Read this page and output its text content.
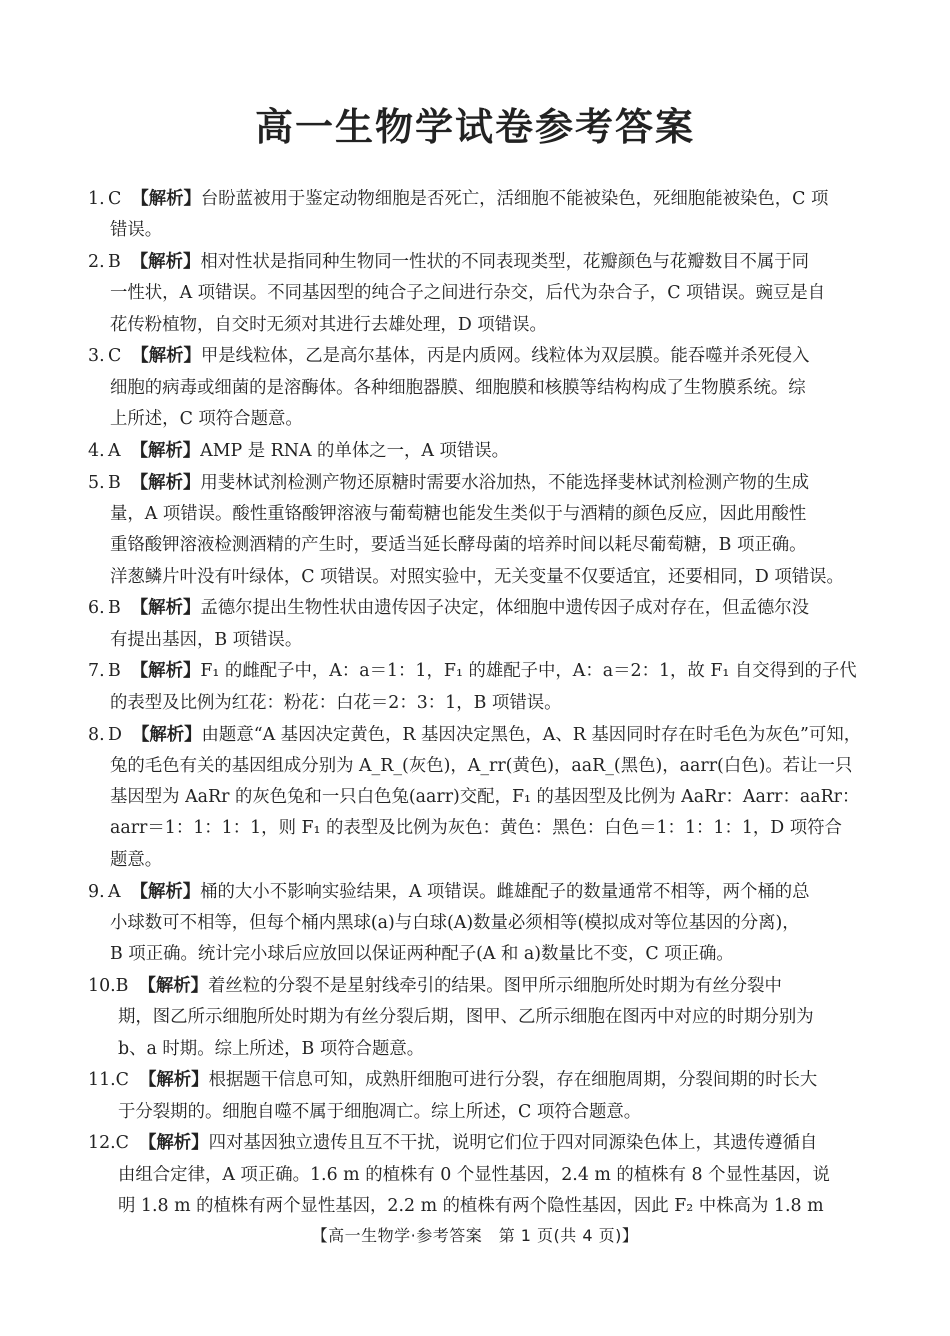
高一生物学试卷参考答案
1. C 【解析】台盼蓝被用于鉴定动物细胞是否死亡，活细胞不能被染色，死细胞能被染色，C 项
错误。
2. B 【解析】相对性状是指同种生物同一性状的不同表现类型，花瓣颜色与花瓣数目不属于同
一性状，A 项错误。不同基因型的纯合子之间进行杂交，后代为杂合子，C 项错误。豌豆是自
花传粉植物，自交时无须对其进行去雄处理，D 项错误。
3. C 【解析】甲是线粒体，乙是高尔基体，丙是内质网。线粒体为双层膜。能吞噬并杀死侵入
细胞的病毒或细菌的是溶酶体。各种细胞器膜、细胞膜和核膜等结构构成了生物膜系统。综
上所述，C 项符合题意。
4. A 【解析】AMP 是 RNA 的单体之一，A 项错误。
5. B 【解析】用斐林试剂检测产物还原糖时需要水浴加热，不能选择斐林试剂检测产物的生成
量，A 项错误。酸性重铬酸钾溶液与葡萄糖也能发生类似于与酒精的颜色反应，因此用酸性
重铬酸钾溶液检测酒精的产生时，要适当延长酵母菌的培养时间以耗尽葡萄糖，B 项正确。
洋葱鳞片叶没有叶绿体，C 项错误。对照实验中，无关变量不仅要适宜，还要相同，D 项错误。
6. B 【解析】孟德尔提出生物性状由遗传因子决定，体细胞中遗传因子成对存在，但孟德尔没
有提出基因，B 项错误。
7. B 【解析】F₁ 的雌配子中，A：a＝1：1，F₁ 的雄配子中，A：a＝2：1，故 F₁ 自交得到的子代
的表型及比例为红花：粉花：白花＝2：3：1，B 项错误。
8. D 【解析】由题意“A 基因决定黄色，R 基因决定黑色，A、R 基因同时存在时毛色为灰色”可知，
兔的毛色有关的基因组成分别为 A_R_(灰色)，A_rr(黄色)，aaR_(黑色)，aarr(白色)。若让一只
基因型为 AaRr 的灰色兔和一只白色兔(aarr)交配，F₁ 的基因型及比例为 AaRr：Aarr：aaRr：
aarr＝1：1：1：1，则 F₁ 的表型及比例为灰色：黄色：黑色：白色＝1：1：1：1，D 项符合
题意。
9. A 【解析】桶的大小不影响实验结果，A 项错误。雌雄配子的数量通常不相等，两个桶的总
小球数可不相等，但每个桶内黑球(a)与白球(A)数量必须相等(模拟成对等位基因的分离)，
B 项正确。统计完小球后应放回以保证两种配子(A 和 a)数量比不变，C 项正确。
10.B 【解析】着丝粒的分裂不是星射线牵引的结果。图甲所示细胞所处时期为有丝分裂中
期，图乙所示细胞所处时期为有丝分裂后期，图甲、乙所示细胞在图丙中对应的时期分别为
b、a 时期。综上所述，B 项符合题意。
11.C 【解析】根据题干信息可知，成熟肝细胞可进行分裂，存在细胞周期，分裂间期的时长大
于分裂期的。细胞自噬不属于细胞凋亡。综上所述，C 项符合题意。
12.C 【解析】四对基因独立遗传且互不干扰，说明它们位于四对同源染色体上，其遗传遵循自
由组合定律，A 项正确。1.6 m 的植株有 0 个显性基因，2.4 m 的植株有 8 个显性基因，说
明 1.8 m 的植株有两个显性基因，2.2 m 的植株有两个隐性基因，因此 F₂ 中株高为 1.8 m
【高一生物学·参考答案　第 1 页(共 4 页)】
